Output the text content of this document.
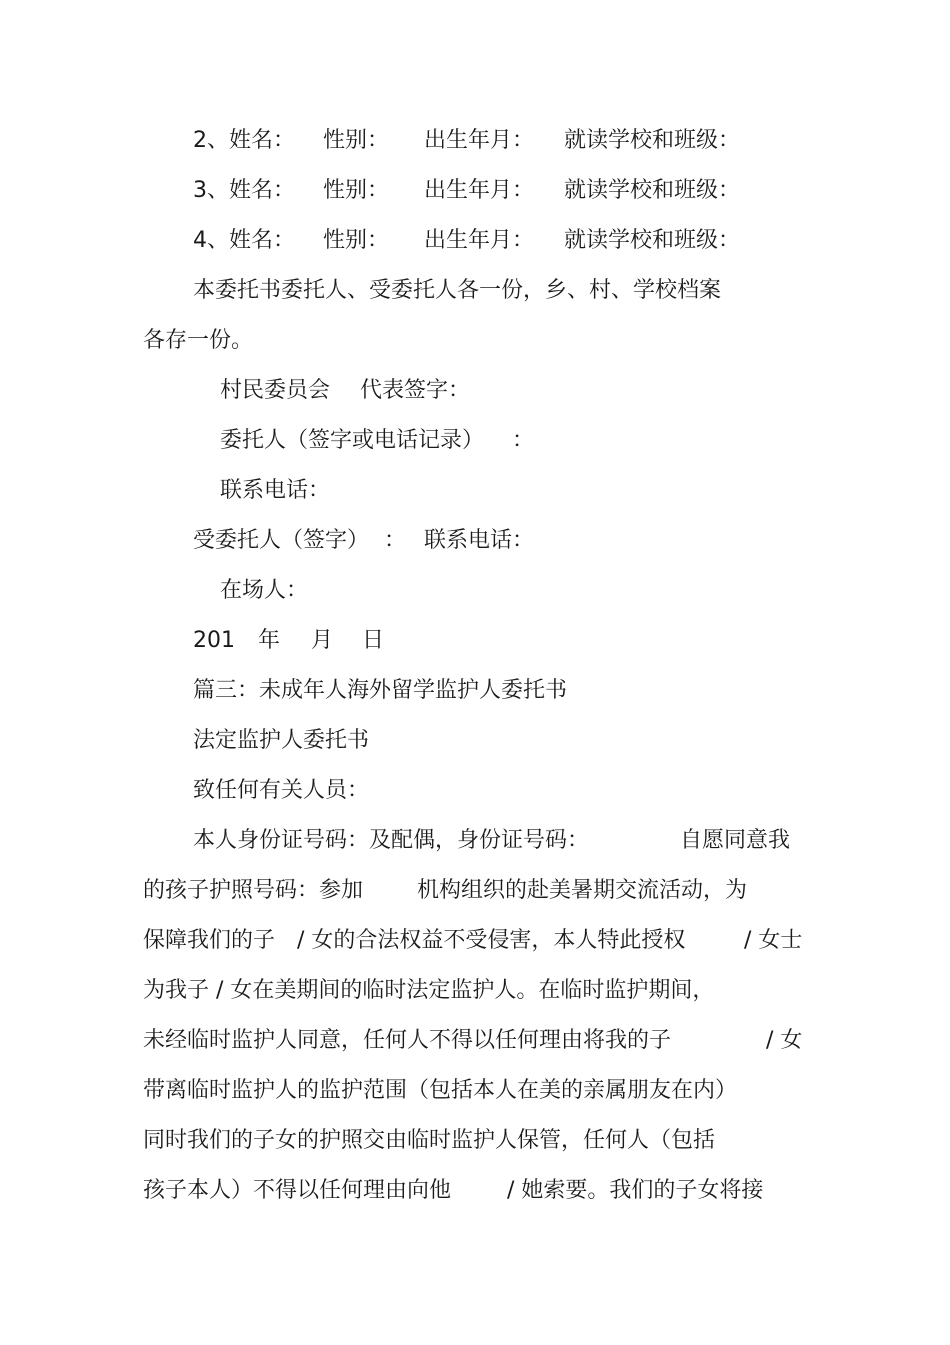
2、姓名： 性别： 出生年月： 就读学校和班级：
3、姓名： 性别： 出生年月： 就读学校和班级：
4、姓名： 性别： 出生年月： 就读学校和班级：

本委托书委托人、受委托人各一份，乡、村、学校档案

各存一份。

村民委员会 代表签字：
委托人（签字或电话记录） ：
联系电话：
受委托人（签字） ： 联系电话：
在场人：
201 年 月 日

篇三：未成年人海外留学监护人委托书

法定监护人委托书

致任何有关人员：

本人身份证号码：及配偶，身份证号码：	自愿同意我
的孩子护照号码：参加 机构组织的赴美暑期交流活动，为
保障我们的子 / 女的合法权益不受侵害，本人特此授权	/ 女士
为我子 / 女在美期间的临时法定监护人。在临时监护期间，
未经临时监护人同意，任何人不得以任何理由将我的子	/ 女
带离临时监护人的监护范围（包括本人在美的亲属朋友在内）
同时我们的子女的护照交由临时监护人保管，任何人（包括
孩子本人）不得以任何理由向他	/ 她索要。我们的子女将接
